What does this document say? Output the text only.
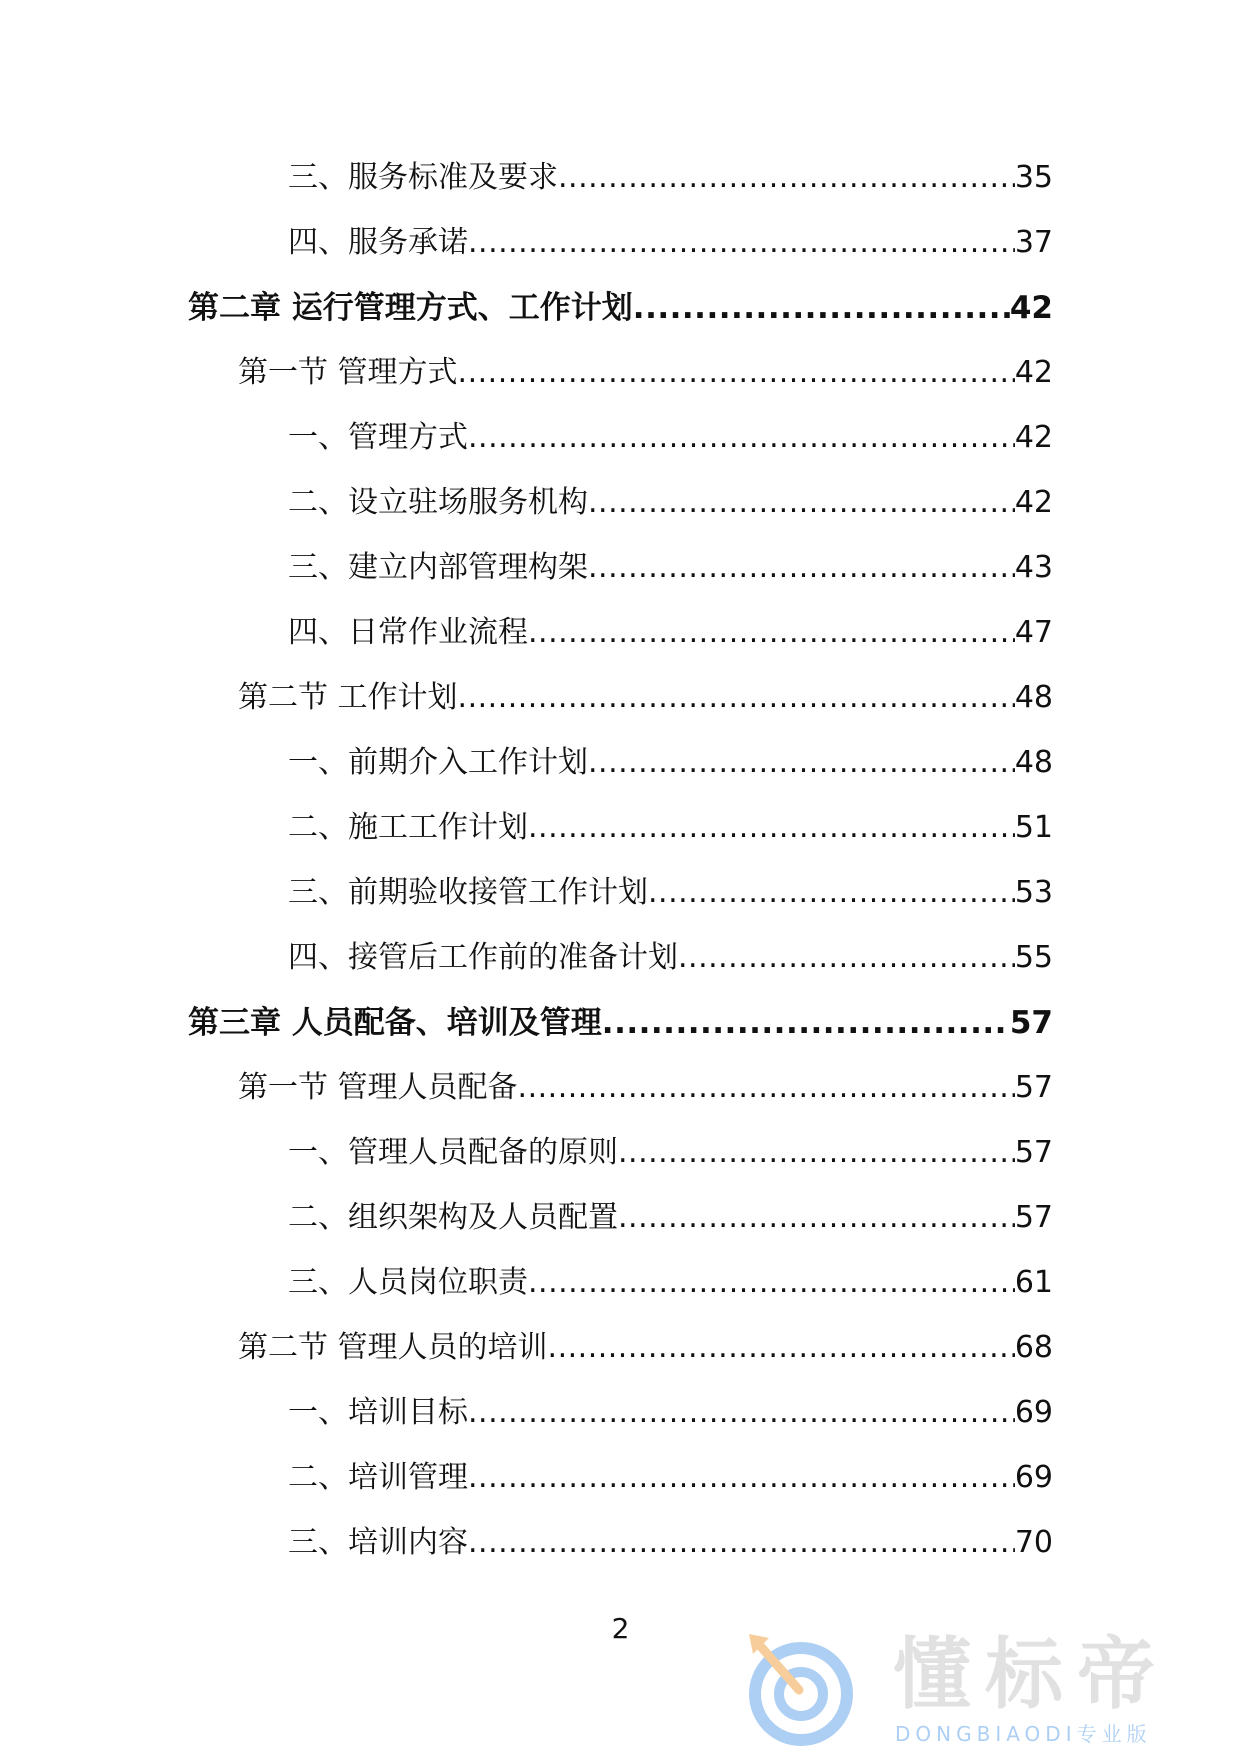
三、服务标准及要求 .....	35
四、服务承诺 .....	37
第二章 运行管理方式、工作计划 .....	42
第一节 管理方式 .....	42
一、管理方式 .....	42
二、设立驻场服务机构 .....	42
三、建立内部管理构架 .....	43
四、日常作业流程 .....	47
第二节 工作计划 .....	48
一、前期介入工作计划 .....	48
二、施工工作计划 .....	51
三、前期验收接管工作计划 .....	53
四、接管后工作前的准备计划 .....	55
第三章 人员配备、培训及管理 .....	57
第一节 管理人员配备 .....	57
一、管理人员配备的原则 .....	57
二、组织架构及人员配置 .....	57
三、人员岗位职责 .....	61
第二节 管理人员的培训 .....	68
一、培训目标 .....	69
二、培训管理 .....	69
三、培训内容 .....	70
2
懂标帝
DONGBIAODI专业版
